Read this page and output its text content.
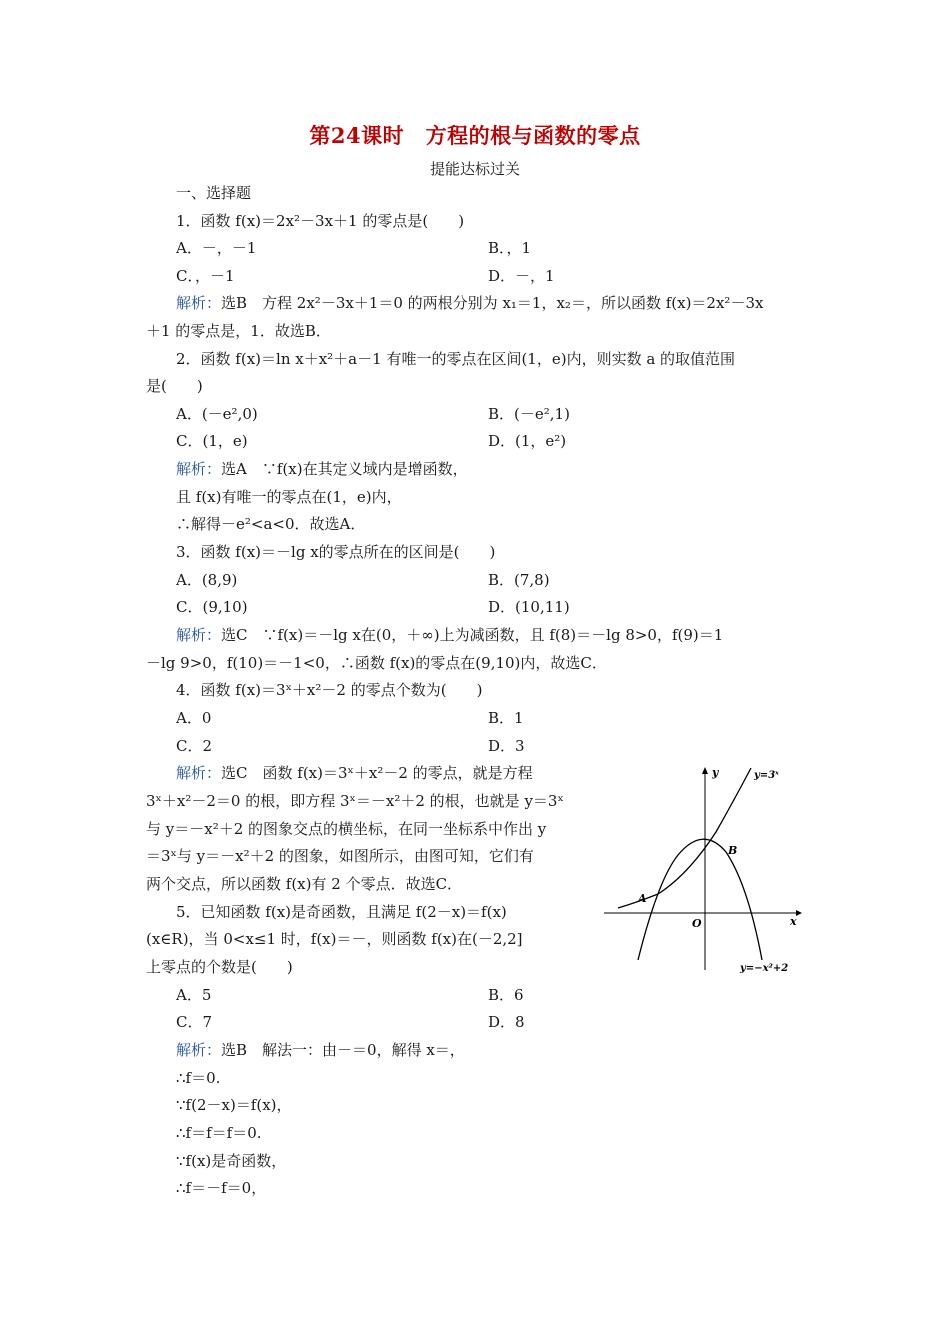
第24课时　方程的根与函数的零点
提能达标过关
一、选择题
1．函数 f(x)＝2x²－3x＋1 的零点是(　　)
A．－，－1	B．，1
C．，－1	D．－，1
解析：选B　方程 2x²－3x＋1＝0 的两根分别为 x₁＝1，x₂＝，所以函数 f(x)＝2x²－3x
＋1 的零点是，1．故选B．
2．函数 f(x)＝ln x＋x²＋a－1 有唯一的零点在区间(1，e)内，则实数 a 的取值范围
是(　　)
A．(－e²,0)	B．(－e²,1)
C．(1，e)	D．(1，e²)
解析：选A　∵f(x)在其定义域内是增函数，
且 f(x)有唯一的零点在(1，e)内，
∴解得－e²<a<0．故选A．
3．函数 f(x)＝－lg x的零点所在的区间是(　　)
A．(8,9)	B．(7,8)
C．(9,10)	D．(10,11)
解析：选C　∵f(x)＝－lg x在(0，＋∞)上为减函数，且 f(8)＝－lg 8>0，f(9)＝1
－lg 9>0，f(10)＝－1<0，∴函数 f(x)的零点在(9,10)内，故选C．
4．函数 f(x)＝3ˣ＋x²－2 的零点个数为(　　)
A．0	B．1
C．2	D．3
解析：选C　函数 f(x)＝3ˣ＋x²－2 的零点，就是方程
3ˣ＋x²－2＝0 的根，即方程 3ˣ＝－x²＋2 的根，也就是 y＝3ˣ
与 y＝－x²＋2 的图象交点的横坐标，在同一坐标系中作出 y
＝3ˣ与 y＝－x²＋2 的图象，如图所示，由图可知，它们有
两个交点，所以函数 f(x)有 2 个零点．故选C．
5．已知函数 f(x)是奇函数，且满足 f(2－x)＝f(x)
(x∈R)，当 0<x≤1 时，f(x)＝－，则函数 f(x)在(－2,2]
上零点的个数是(　　)
A．5	B．6
C．7	D．8
解析：选B　解法一：由－＝0，解得 x＝，
∴f＝0.
∵f(2－x)＝f(x)，
∴f＝f＝f＝0.
∵f(x)是奇函数，
∴f＝－f＝0，
y
x
O
A
B
y=3ˣ
y=−x²+2
